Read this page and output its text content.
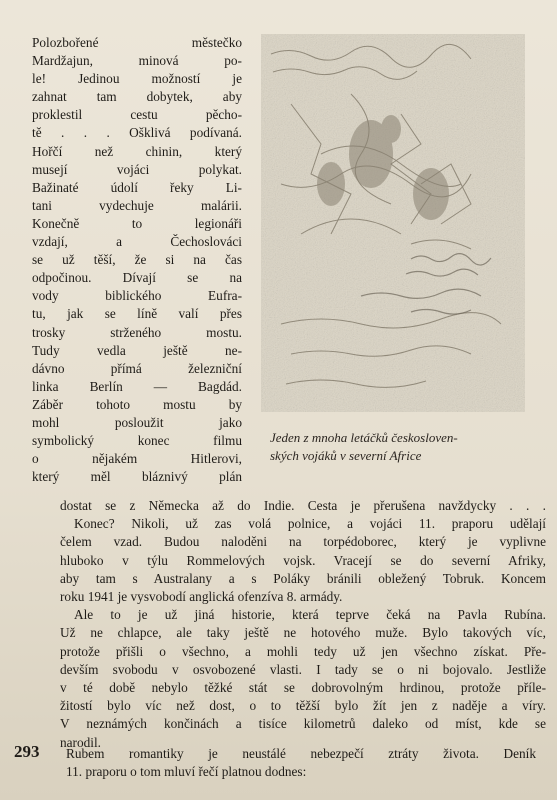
Polozbořené městečko
Mardžajun, minová po-
le! Jedinou možností je
zahnat tam dobytek, aby
proklestil cestu pěcho-
tě . . . Ošklivá podívaná.
Hořčí než chinin, který
musejí vojáci polykat.
Bažinaté údolí řeky Li-
tani vydechuje malárii.
Konečně to legionáři
vzdají, a Čechoslováci
se už těší, že si na čas
odpočinou. Dívají se na
vody biblického Eufra-
tu, jak se líně valí přes
trosky strženého mostu.
Tudy vedla ještě ne-
dávno přímá železniční
linka Berlín — Bagdád.
Záběr tohoto mostu by
mohl posloužit jako
symbolický konec filmu
o nějakém Hitlerovi,
který měl bláznivý plán
Jeden z mnoha letáčků českosloven-
ských vojáků v severní Africe
dostat se z Německa až do Indie. Cesta je přerušena navždycky . . .
Konec? Nikoli, už zas volá polnice, a vojáci 11. praporu udělají
čelem vzad. Budou naloděni na torpédoborec, který je vyplivne
hluboko v týlu Rommelových vojsk. Vracejí se do severní Afriky,
aby tam s Australany a s Poláky bránili obležený Tobruk. Koncem
roku 1941 je vysvobodí anglická ofenzíva 8. armády.
Ale to je už jiná historie, která teprve čeká na Pavla Rubína.
Už ne chlapce, ale taky ještě ne hotového muže. Bylo takových víc,
protože přišli o všechno, a mohli tedy už jen všechno získat. Pře-
devším svobodu v osvobozené vlasti. I tady se o ni bojovalo. Jestliže
v té době nebylo těžké stát se dobrovolným hrdinou, protože příle-
žitostí bylo víc než dost, o to těžší bylo žít jen z naděje a víry.
V neznámých končinách a tisíce kilometrů daleko od míst, kde se
narodil.
293 Rubem romantiky je neustálé nebezpečí ztráty života. Deník
11. praporu o tom mluví řečí platnou dodnes:
